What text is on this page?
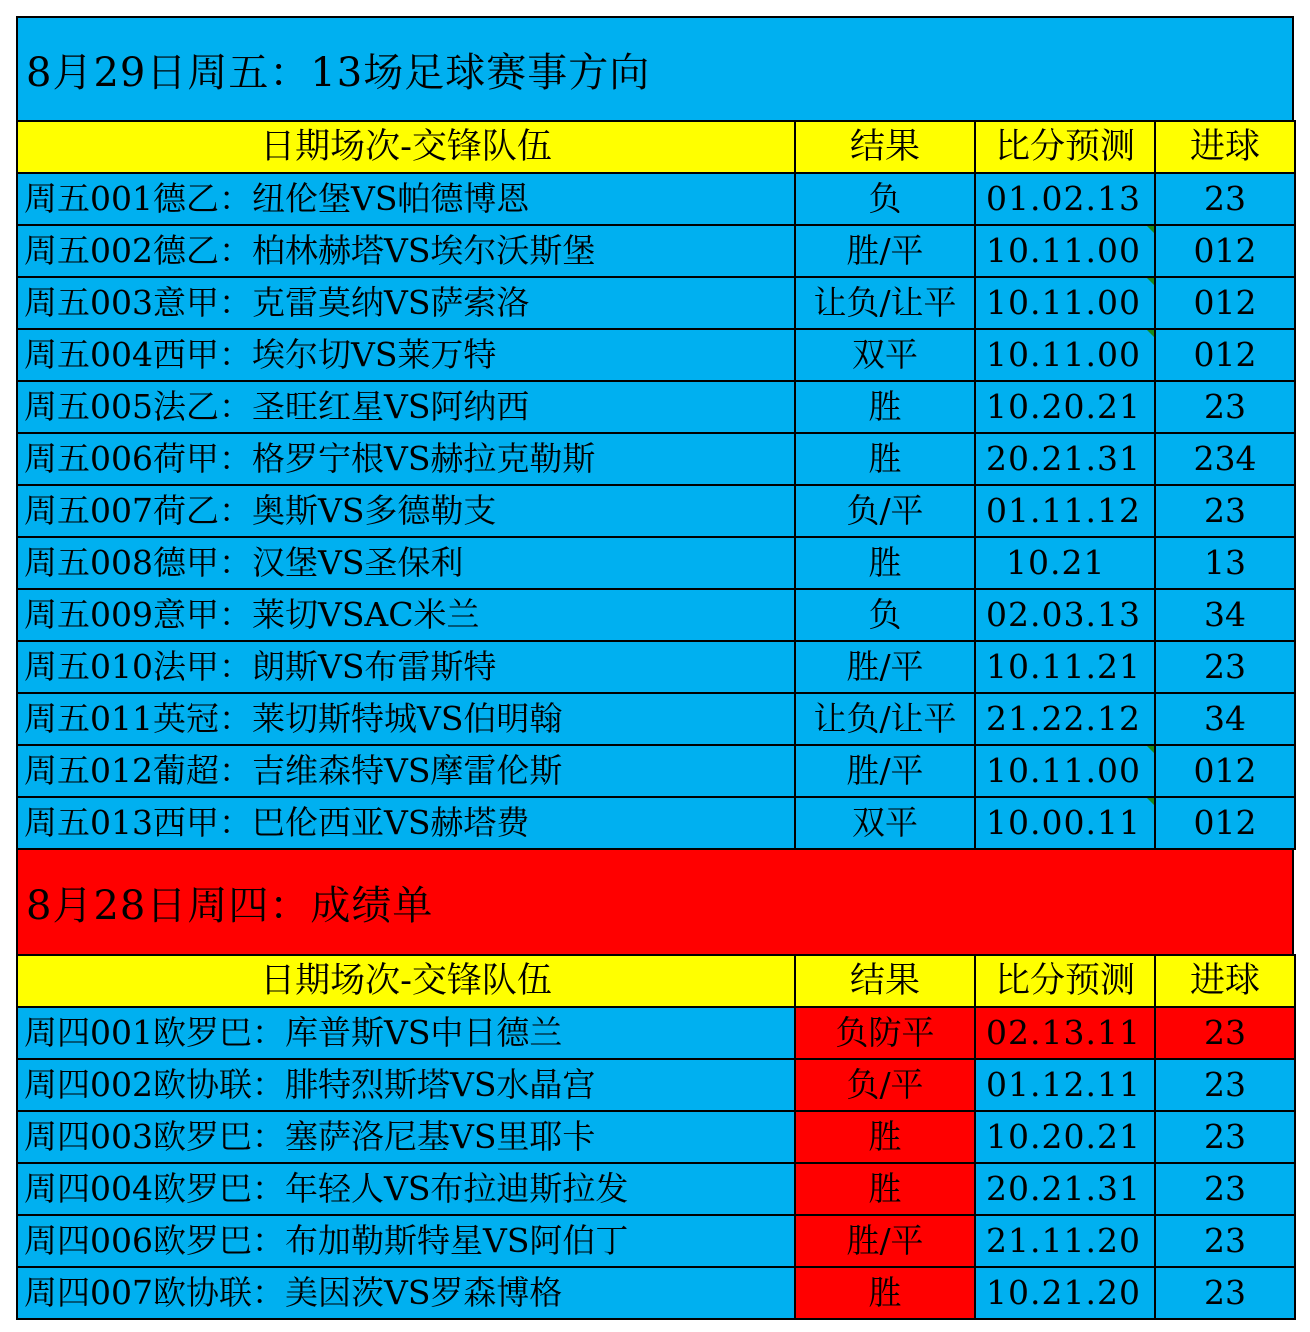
8月29日周五：13场足球赛事方向
日期场次-交锋队伍	结果	比分预测	进球
周五001德乙：纽伦堡VS帕德博恩	负	01.02.13	23
周五002德乙：柏林赫塔VS埃尔沃斯堡	胜/平	10.11.00	012
周五003意甲：克雷莫纳VS萨索洛	让负/让平	10.11.00	012
周五004西甲：埃尔切VS莱万特	双平	10.11.00	012
周五005法乙：圣旺红星VS阿纳西	胜	10.20.21	23
周五006荷甲：格罗宁根VS赫拉克勒斯	胜	20.21.31	234
周五007荷乙：奥斯VS多德勒支	负/平	01.11.12	23
周五008德甲：汉堡VS圣保利	胜	10.21	13
周五009意甲：莱切VSAC米兰	负	02.03.13	34
周五010法甲：朗斯VS布雷斯特	胜/平	10.11.21	23
周五011英冠：莱切斯特城VS伯明翰	让负/让平	21.22.12	34
周五012葡超：吉维森特VS摩雷伦斯	胜/平	10.11.00	012
周五013西甲：巴伦西亚VS赫塔费	双平	10.00.11	012
8月28日周四：成绩单
日期场次-交锋队伍	结果	比分预测	进球
周四001欧罗巴：库普斯VS中日德兰	负防平	02.13.11	23
周四002欧协联：腓特烈斯塔VS水晶宫	负/平	01.12.11	23
周四003欧罗巴：塞萨洛尼基VS里耶卡	胜	10.20.21	23
周四004欧罗巴：年轻人VS布拉迪斯拉发	胜	20.21.31	23
周四006欧罗巴：布加勒斯特星VS阿伯丁	胜/平	21.11.20	23
周四007欧协联：美因茨VS罗森博格	胜	10.21.20	23
